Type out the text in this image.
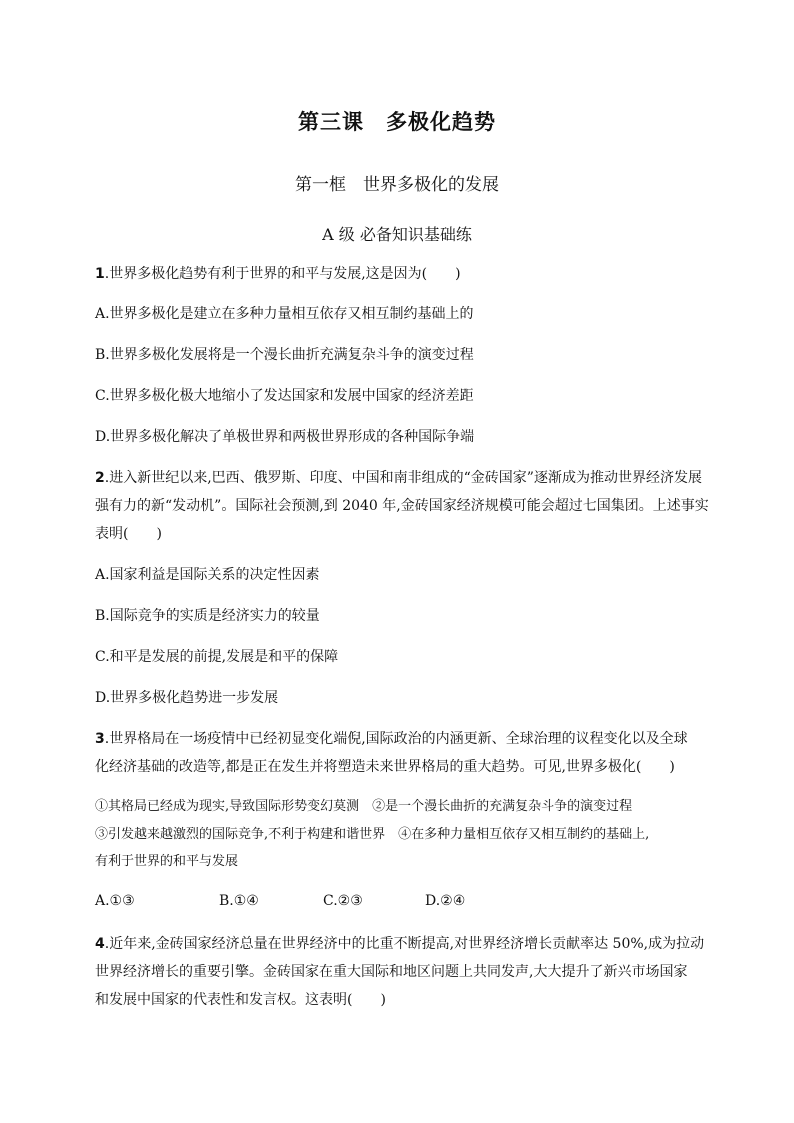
第三课　多极化趋势
第一框　世界多极化的发展
A 级 必备知识基础练
1.世界多极化趋势有利于世界的和平与发展,这是因为(　　)
A.世界多极化是建立在多种力量相互依存又相互制约基础上的
B.世界多极化发展将是一个漫长曲折充满复杂斗争的演变过程
C.世界多极化极大地缩小了发达国家和发展中国家的经济差距
D.世界多极化解决了单极世界和两极世界形成的各种国际争端
2.进入新世纪以来,巴西、俄罗斯、印度、中国和南非组成的“金砖国家”逐渐成为推动世界经济发展
强有力的新“发动机”。国际社会预测,到 2040 年,金砖国家经济规模可能会超过七国集团。上述事实
表明(　　)
A.国家利益是国际关系的决定性因素
B.国际竞争的实质是经济实力的较量
C.和平是发展的前提,发展是和平的保障
D.世界多极化趋势进一步发展
3.世界格局在一场疫情中已经初显变化端倪,国际政治的内涵更新、全球治理的议程变化以及全球
化经济基础的改造等,都是正在发生并将塑造未来世界格局的重大趋势。可见,世界多极化(　　)
①其格局已经成为现实,导致国际形势变幻莫测　②是一个漫长曲折的充满复杂斗争的演变过程
③引发越来越激烈的国际竞争,不利于构建和谐世界　④在多种力量相互依存又相互制约的基础上,
有利于世界的和平与发展
A.①③	B.①④	C.②③	D.②④
4.近年来,金砖国家经济总量在世界经济中的比重不断提高,对世界经济增长贡献率达 50%,成为拉动
世界经济增长的重要引擎。金砖国家在重大国际和地区问题上共同发声,大大提升了新兴市场国家
和发展中国家的代表性和发言权。这表明(　　)
